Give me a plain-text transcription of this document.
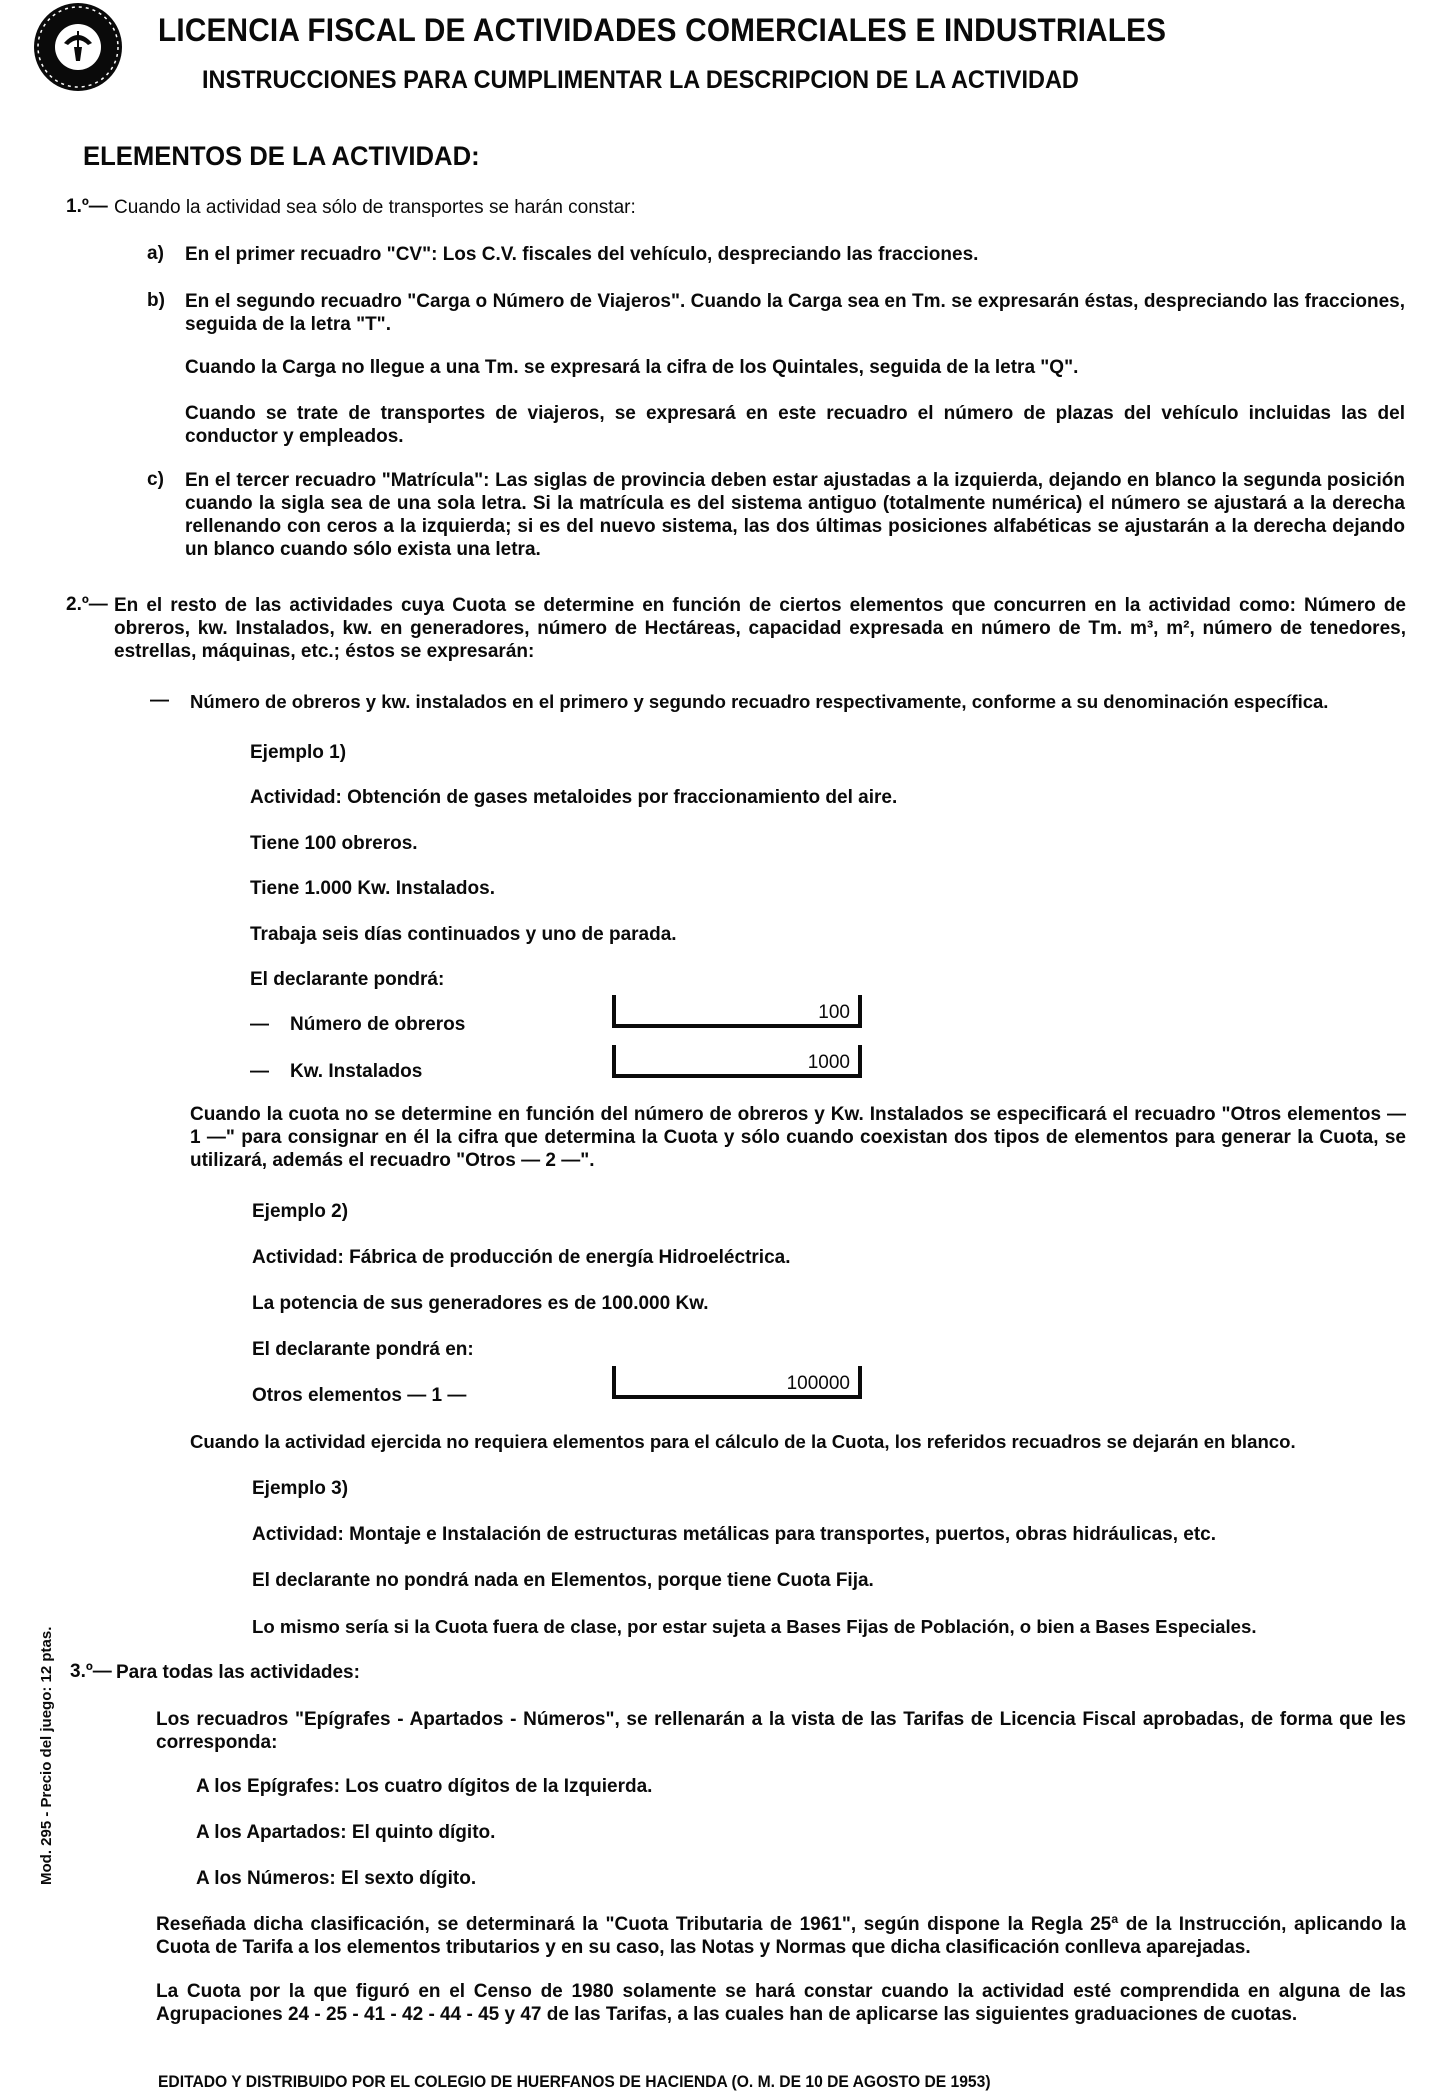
LICENCIA FISCAL DE ACTIVIDADES COMERCIALES E INDUSTRIALES
INSTRUCCIONES PARA CUMPLIMENTAR LA DESCRIPCION DE LA ACTIVIDAD
ELEMENTOS DE LA ACTIVIDAD:
1.º— Cuando la actividad sea sólo de transportes se harán constar:
a) En el primer recuadro "CV": Los C.V. fiscales del vehículo, despreciando las fracciones.
b) En el segundo recuadro "Carga o Número de Viajeros". Cuando la Carga sea en Tm. se expresarán éstas, despreciando las fracciones, seguida de la letra "T".
Cuando la Carga no llegue a una Tm. se expresará la cifra de los Quintales, seguida de la letra "Q".
Cuando se trate de transportes de viajeros, se expresará en este recuadro el número de plazas del vehículo incluidas las del conductor y empleados.
c) En el tercer recuadro "Matrícula": Las siglas de provincia deben estar ajustadas a la izquierda, dejando en blanco la segunda posición cuando la sigla sea de una sola letra. Si la matrícula es del sistema antiguo (totalmente numérica) el número se ajustará a la derecha rellenando con ceros a la izquierda; si es del nuevo sistema, las dos últimas posiciones alfabéticas se ajustarán a la derecha dejando un blanco cuando sólo exista una letra.
2.º— En el resto de las actividades cuya Cuota se determine en función de ciertos elementos que concurren en la actividad como: Número de obreros, kw. Instalados, kw. en generadores, número de Hectáreas, capacidad expresada en número de Tm. m³, m², número de tenedores, estrellas, máquinas, etc.; éstos se expresarán:
— Número de obreros y kw. instalados en el primero y segundo recuadro respectivamente, conforme a su denominación específica.
Ejemplo 1)
Actividad: Obtención de gases metaloides por fraccionamiento del aire.
Tiene 100 obreros.
Tiene 1.000 Kw. Instalados.
Trabaja seis días continuados y uno de parada.
El declarante pondrá:
— Número de obreros
100
— Kw. Instalados	1000
Cuando la cuota no se determine en función del número de obreros y Kw. Instalados se especificará el recuadro "Otros elementos — 1 —" para consignar en él la cifra que determina la Cuota y sólo cuando coexistan dos tipos de elementos para generar la Cuota, se utilizará, además el recuadro "Otros — 2 —".
Ejemplo 2)
Actividad: Fábrica de producción de energía Hidroeléctrica.
La potencia de sus generadores es de 100.000 Kw.
El declarante pondrá en:
Otros elementos — 1 —
100000
Cuando la actividad ejercida no requiera elementos para el cálculo de la Cuota, los referidos recuadros se dejarán en blanco.
Ejemplo 3)
Actividad: Montaje e Instalación de estructuras metálicas para transportes, puertos, obras hidráulicas, etc.
El declarante no pondrá nada en Elementos, porque tiene Cuota Fija.
Lo mismo sería si la Cuota fuera de clase, por estar sujeta a Bases Fijas de Población, o bien a Bases Especiales.
3.º— Para todas las actividades:
Los recuadros "Epígrafes - Apartados - Números", se rellenarán a la vista de las Tarifas de Licencia Fiscal aprobadas, de forma que les corresponda:
A los Epígrafes: Los cuatro dígitos de la Izquierda.
A los Apartados: El quinto dígito.
A los Números: El sexto dígito.
Reseñada dicha clasificación, se determinará la "Cuota Tributaria de 1961", según dispone la Regla 25ª de la Instrucción, aplicando la Cuota de Tarifa a los elementos tributarios y en su caso, las Notas y Normas que dicha clasificación conlleva aparejadas.
La Cuota por la que figuró en el Censo de 1980 solamente se hará constar cuando la actividad esté comprendida en alguna de las Agrupaciones 24 - 25 - 41 - 42 - 44 - 45 y 47 de las Tarifas, a las cuales han de aplicarse las siguientes graduaciones de cuotas.
Mod. 295 - Precio del juego: 12 ptas.
EDITADO Y DISTRIBUIDO POR EL COLEGIO DE HUERFANOS DE HACIENDA (O. M. DE 10 DE AGOSTO DE 1953)
